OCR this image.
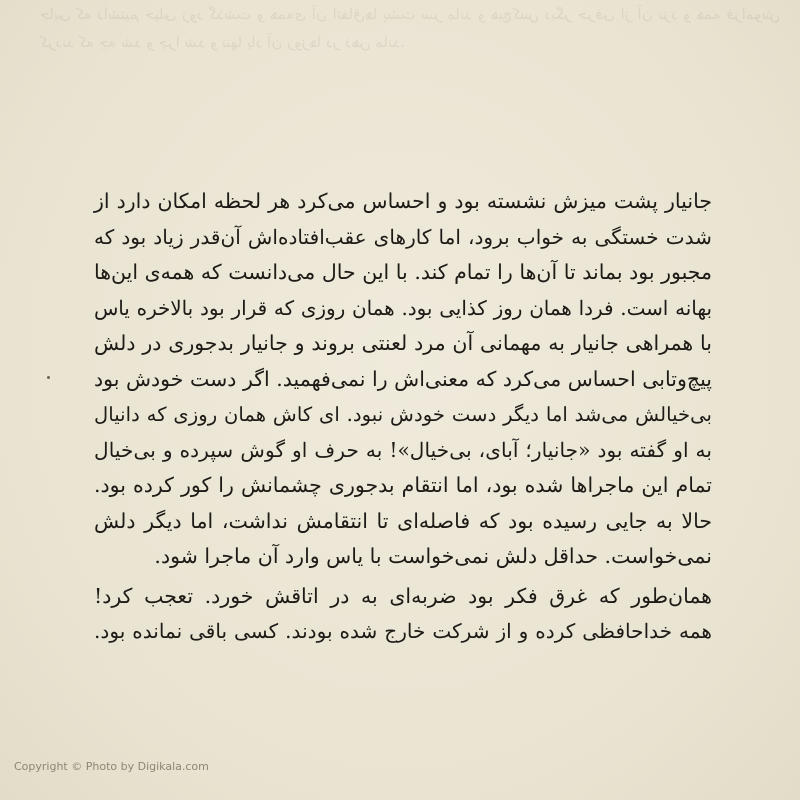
جایی که داشتیم خیلی زود گذشت و همه‌ی آن اتفاق‌ها پشت سر ماند و هیچ‌کس دیگر حرفی از آن نزد و همه فراموش کردند که چه شد و چرا شد و تنها یاد آن روزها در ذهن ماند.
جانیار پشت میزش نشسته بود و احساس می‌کرد هر لحظه امکان دارد از
شدت خستگی به خواب برود، اما کارهای عقب‌افتاده‌اش آن‌قدر زیاد بود که
مجبور بود بماند تا آن‌ها را تمام کند. با این حال می‌دانست که همه‌ی این‌ها
بهانه است. فردا همان روز کذایی بود. همان روزی که قرار بود بالاخره یاس
با همراهی جانیار به مهمانی آن مرد لعنتی بروند و جانیار بدجوری در دلش
پیچ‌وتابی احساس می‌کرد که معنی‌اش را نمی‌فهمید. اگر دست خودش بود
بی‌خیالش می‌شد اما دیگر دست خودش نبود. ای کاش همان روزی که دانیال
به او گفته بود «جانیار؛ آبای، بی‌خیال»! به حرف او گوش سپرده و بی‌خیال
تمام این ماجراها شده بود، اما انتقام بدجوری چشمانش را کور کرده بود.
حالا به جایی رسیده بود که فاصله‌ای تا انتقامش نداشت، اما دیگر دلش
نمی‌خواست. حداقل دلش نمی‌خواست با یاس وارد آن ماجرا شود.
همان‌طور که غرق فکر بود ضربه‌ای به در اتاقش خورد. تعجب کرد!
همه خداحافظی کرده و از شرکت خارج شده بودند. کسی باقی نمانده بود.
Copyright © Photo by Digikala.com
